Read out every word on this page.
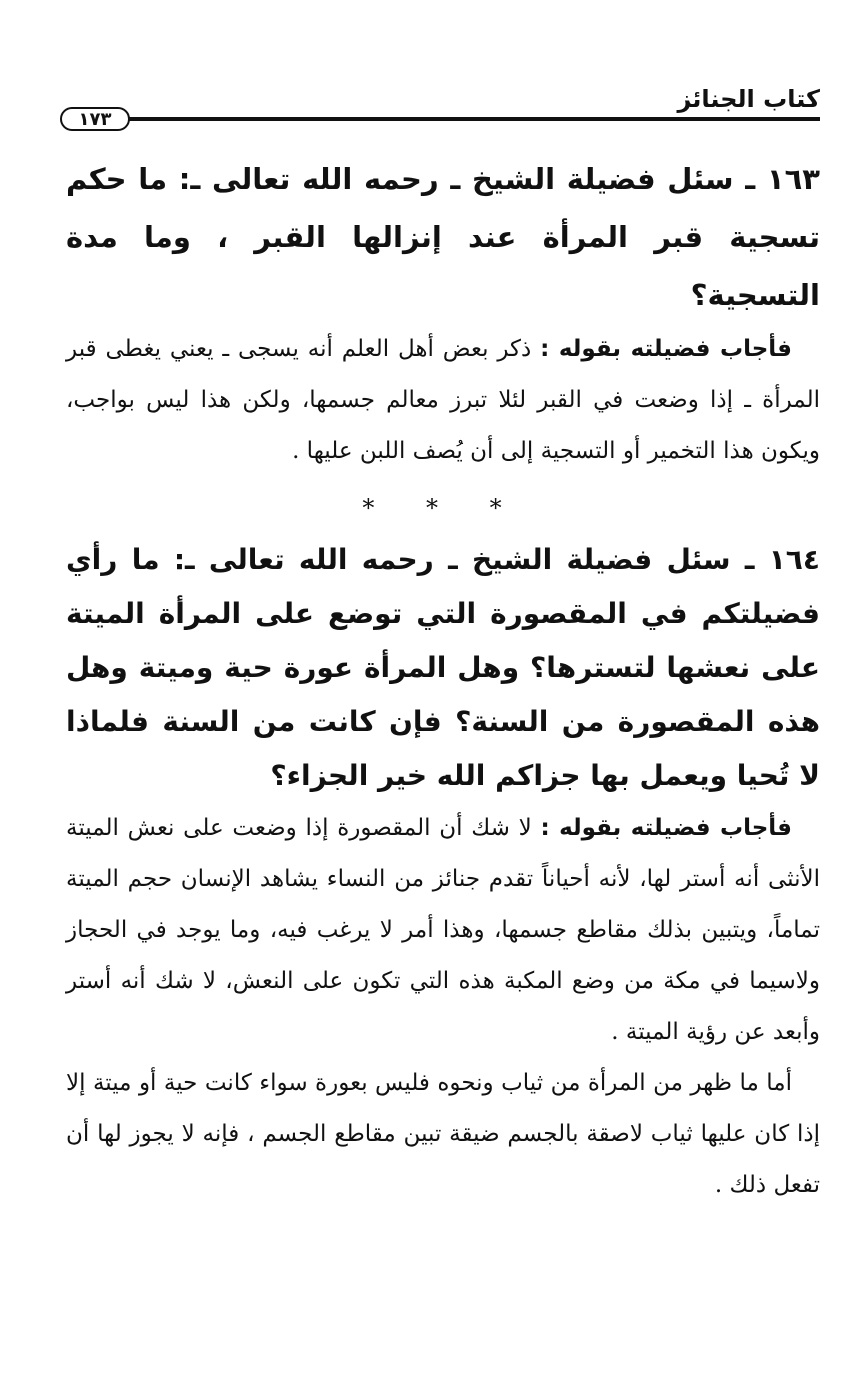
كتاب الجنائز
١٧٣

١٦٣ ـ سئل فضيلة الشيخ ـ رحمه الله تعالى ـ: ما حكم تسجية قبر المرأة عند إنزالها القبر ، وما مدة التسجية؟

فأجاب فضيلته بقوله : ذكر بعض أهل العلم أنه يسجى ـ يعني يغطى قبر المرأة ـ إذا وضعت في القبر لئلا تبرز معالم جسمها، ولكن هذا ليس بواجب، ويكون هذا التخمير أو التسجية إلى أن يُصف اللبن عليها .

* * *

١٦٤ ـ سئل فضيلة الشيخ ـ رحمه الله تعالى ـ: ما رأي فضيلتكم في المقصورة التي توضع على المرأة الميتة على نعشها لتسترها؟ وهل المرأة عورة حية وميتة وهل هذه المقصورة من السنة؟ فإن كانت من السنة فلماذا لا تُحيا ويعمل بها جزاكم الله خير الجزاء؟

فأجاب فضيلته بقوله : لا شك أن المقصورة إذا وضعت على نعش الميتة الأنثى أنه أستر لها، لأنه أحياناً تقدم جنائز من النساء يشاهد الإنسان حجم الميتة تماماً، ويتبين بذلك مقاطع جسمها، وهذا أمر لا يرغب فيه، وما يوجد في الحجاز ولاسيما في مكة من وضع المكبة هذه التي تكون على النعش، لا شك أنه أستر وأبعد عن رؤية الميتة .

أما ما ظهر من المرأة من ثياب ونحوه فليس بعورة سواء كانت حية أو ميتة إلا إذا كان عليها ثياب لاصقة بالجسم ضيقة تبين مقاطع الجسم ، فإنه لا يجوز لها أن تفعل ذلك .
